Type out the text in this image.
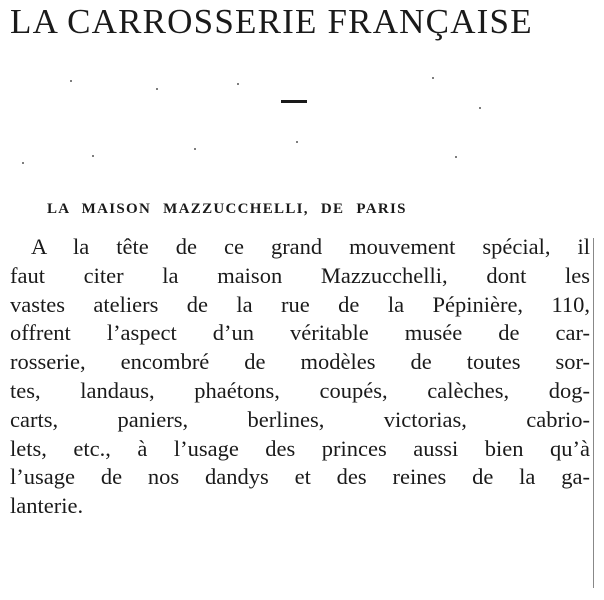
LA CARROSSERIE FRANÇAISE
LA MAISON MAZZUCCHELLI, DE PARIS
A la tête de ce grand mouvement spécial, il
faut citer la maison Mazzucchelli, dont les
vastes ateliers de la rue de la Pépinière, 110,
offrent l’aspect d’un véritable musée de car-
rosserie, encombré de modèles de toutes sor-
tes, landaus, phaétons, coupés, calèches, dog-
carts, paniers, berlines, victorias, cabrio-
lets, etc., à l’usage des princes aussi bien qu’à
l’usage de nos dandys et des reines de la ga-
lanterie.
